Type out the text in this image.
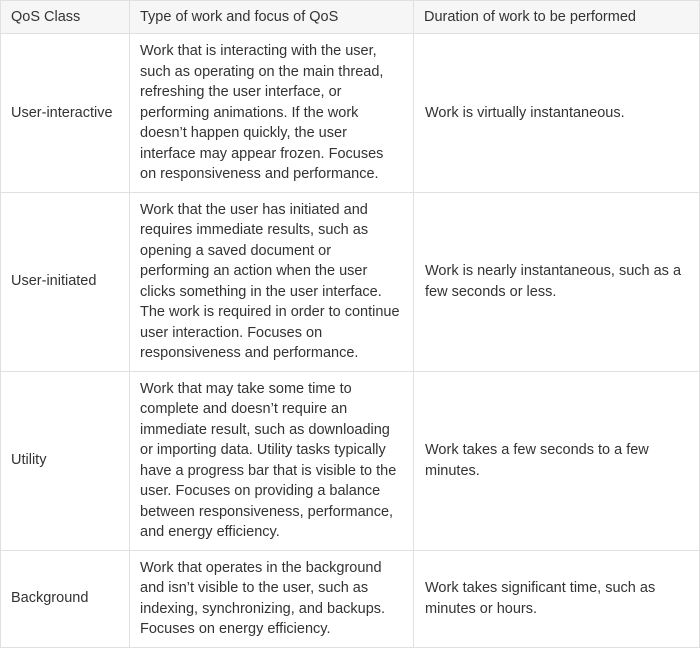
QoS Class	Type of work and focus of QoS	Duration of work to be performed
User-interactive	Work that is interacting with the user, such as operating on the main thread, refreshing the user interface, or performing animations. If the work doesn’t happen quickly, the user interface may appear frozen. Focuses on responsiveness and performance.	Work is virtually instantaneous.
User-initiated	Work that the user has initiated and requires immediate results, such as opening a saved document or performing an action when the user clicks something in the user interface. The work is required in order to continue user interaction. Focuses on responsiveness and performance.	Work is nearly instantaneous, such as a few seconds or less.
Utility	Work that may take some time to complete and doesn’t require an immediate result, such as downloading or importing data. Utility tasks typically have a progress bar that is visible to the user. Focuses on providing a balance between responsiveness, performance, and energy efficiency.	Work takes a few seconds to a few minutes.
Background	Work that operates in the background and isn’t visible to the user, such as indexing, synchronizing, and backups. Focuses on energy efficiency.	Work takes significant time, such as minutes or hours.
